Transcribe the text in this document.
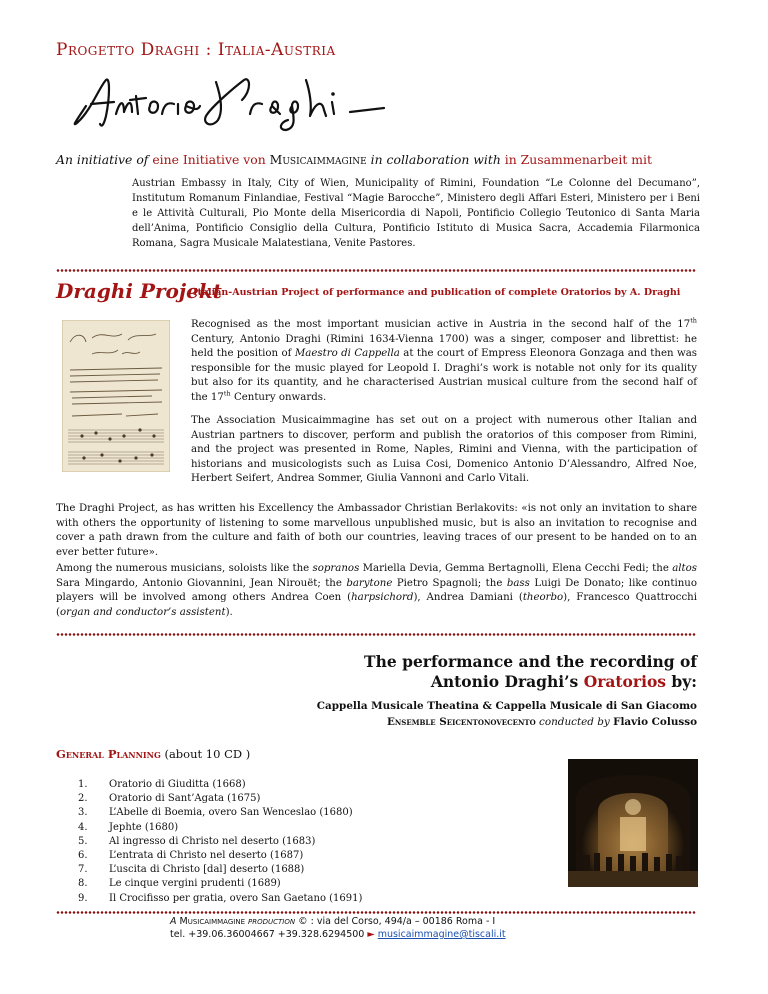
Progetto Draghi : Italia-Austria
An initiative of eine Initiative von Musicaimmagine in collaboration with in Zusammenarbeit mit
Austrian Embassy in Italy, City of Wien, Municipality of Rimini, Foundation “Le Colonne del Decumano”, Institutum Romanum Finlandiae, Festival “Magie Barocche”, Ministero degli Affari Esteri, Ministero per i Beni e le Attività Culturali, Pio Monte della Misericordia di Napoli, Pontificio Collegio Teutonico di Santa Maria dell’Anima, Pontificio Consiglio della Cultura, Pontificio Istituto di Musica Sacra, Accademia Filarmonica Romana, Sagra Musicale Malatestiana, Venite Pastores.
Draghi Projekt
Italian-Austrian Project of performance and publication of complete Oratorios by A. Draghi
Recognised as the most important musician active in Austria in the second half of the 17th Century, Antonio Draghi (Rimini 1634-Vienna 1700) was a singer, composer and librettist: he held the position of Maestro di Cappella at the court of Empress Eleonora Gonzaga and then was responsible for the music played for Leopold I. Draghi’s work is notable not only for its quality but also for its quantity, and he characterised Austrian musical culture from the second half of the 17th Century onwards.
The Association Musicaimmagine has set out on a project with numerous other Italian and Austrian partners to discover, perform and publish the oratorios of this composer from Rimini, and the project was presented in Rome, Naples, Rimini and Vienna, with the participation of historians and musicologists such as Luisa Cosi, Domenico Antonio D’Alessandro, Alfred Noe, Herbert Seifert, Andrea Sommer, Giulia Vannoni and Carlo Vitali.
The Draghi Project, as has written his Excellency the Ambassador Christian Berlakovits: «is not only an invitation to share with others the opportunity of listening to some marvellous unpublished music, but is also an invitation to recognise and cover a path drawn from the culture and faith of both our countries, leaving traces of our present to be handed on to an ever better future».
Among the numerous musicians, soloists like the sopranos Mariella Devia, Gemma Bertagnolli, Elena Cecchi Fedi; the altos Sara Mingardo, Antonio Giovannini, Jean Nirouët; the barytone Pietro Spagnoli; the bass Luigi De Donato; like continuo players will be involved among others Andrea Coen (harpsichord), Andrea Damiani (theorbo), Francesco Quattrocchi (organ and conductor’s assistent).
The performance and the recording of
Antonio Draghi’s Oratorios by:
Cappella Musicale Theatina & Cappella Musicale di San Giacomo
Ensemble Seicentonovecento conducted by Flavio Colusso
General Planning (about 10 CD )
1.	Oratorio di Giuditta (1668)
2.	Oratorio di Sant’Agata (1675)
3.	L’Abelle di Boemia, overo San Wenceslao (1680)
4.	Jephte (1680)
5.	Al ingresso di Christo nel deserto (1683)
6.	L’entrata di Christo nel deserto (1687)
7.	L’uscita di Christo [dal] deserto (1688)
8.	Le cinque vergini prudenti (1689)
9.	Il Crocifisso per gratia, overo San Gaetano (1691)
A Musicaimmagine production © : via del Corso, 494/a – 00186 Roma - I
tel. +39.06.36004667 +39.328.6294500 ► musicaimmagine@tiscali.it
